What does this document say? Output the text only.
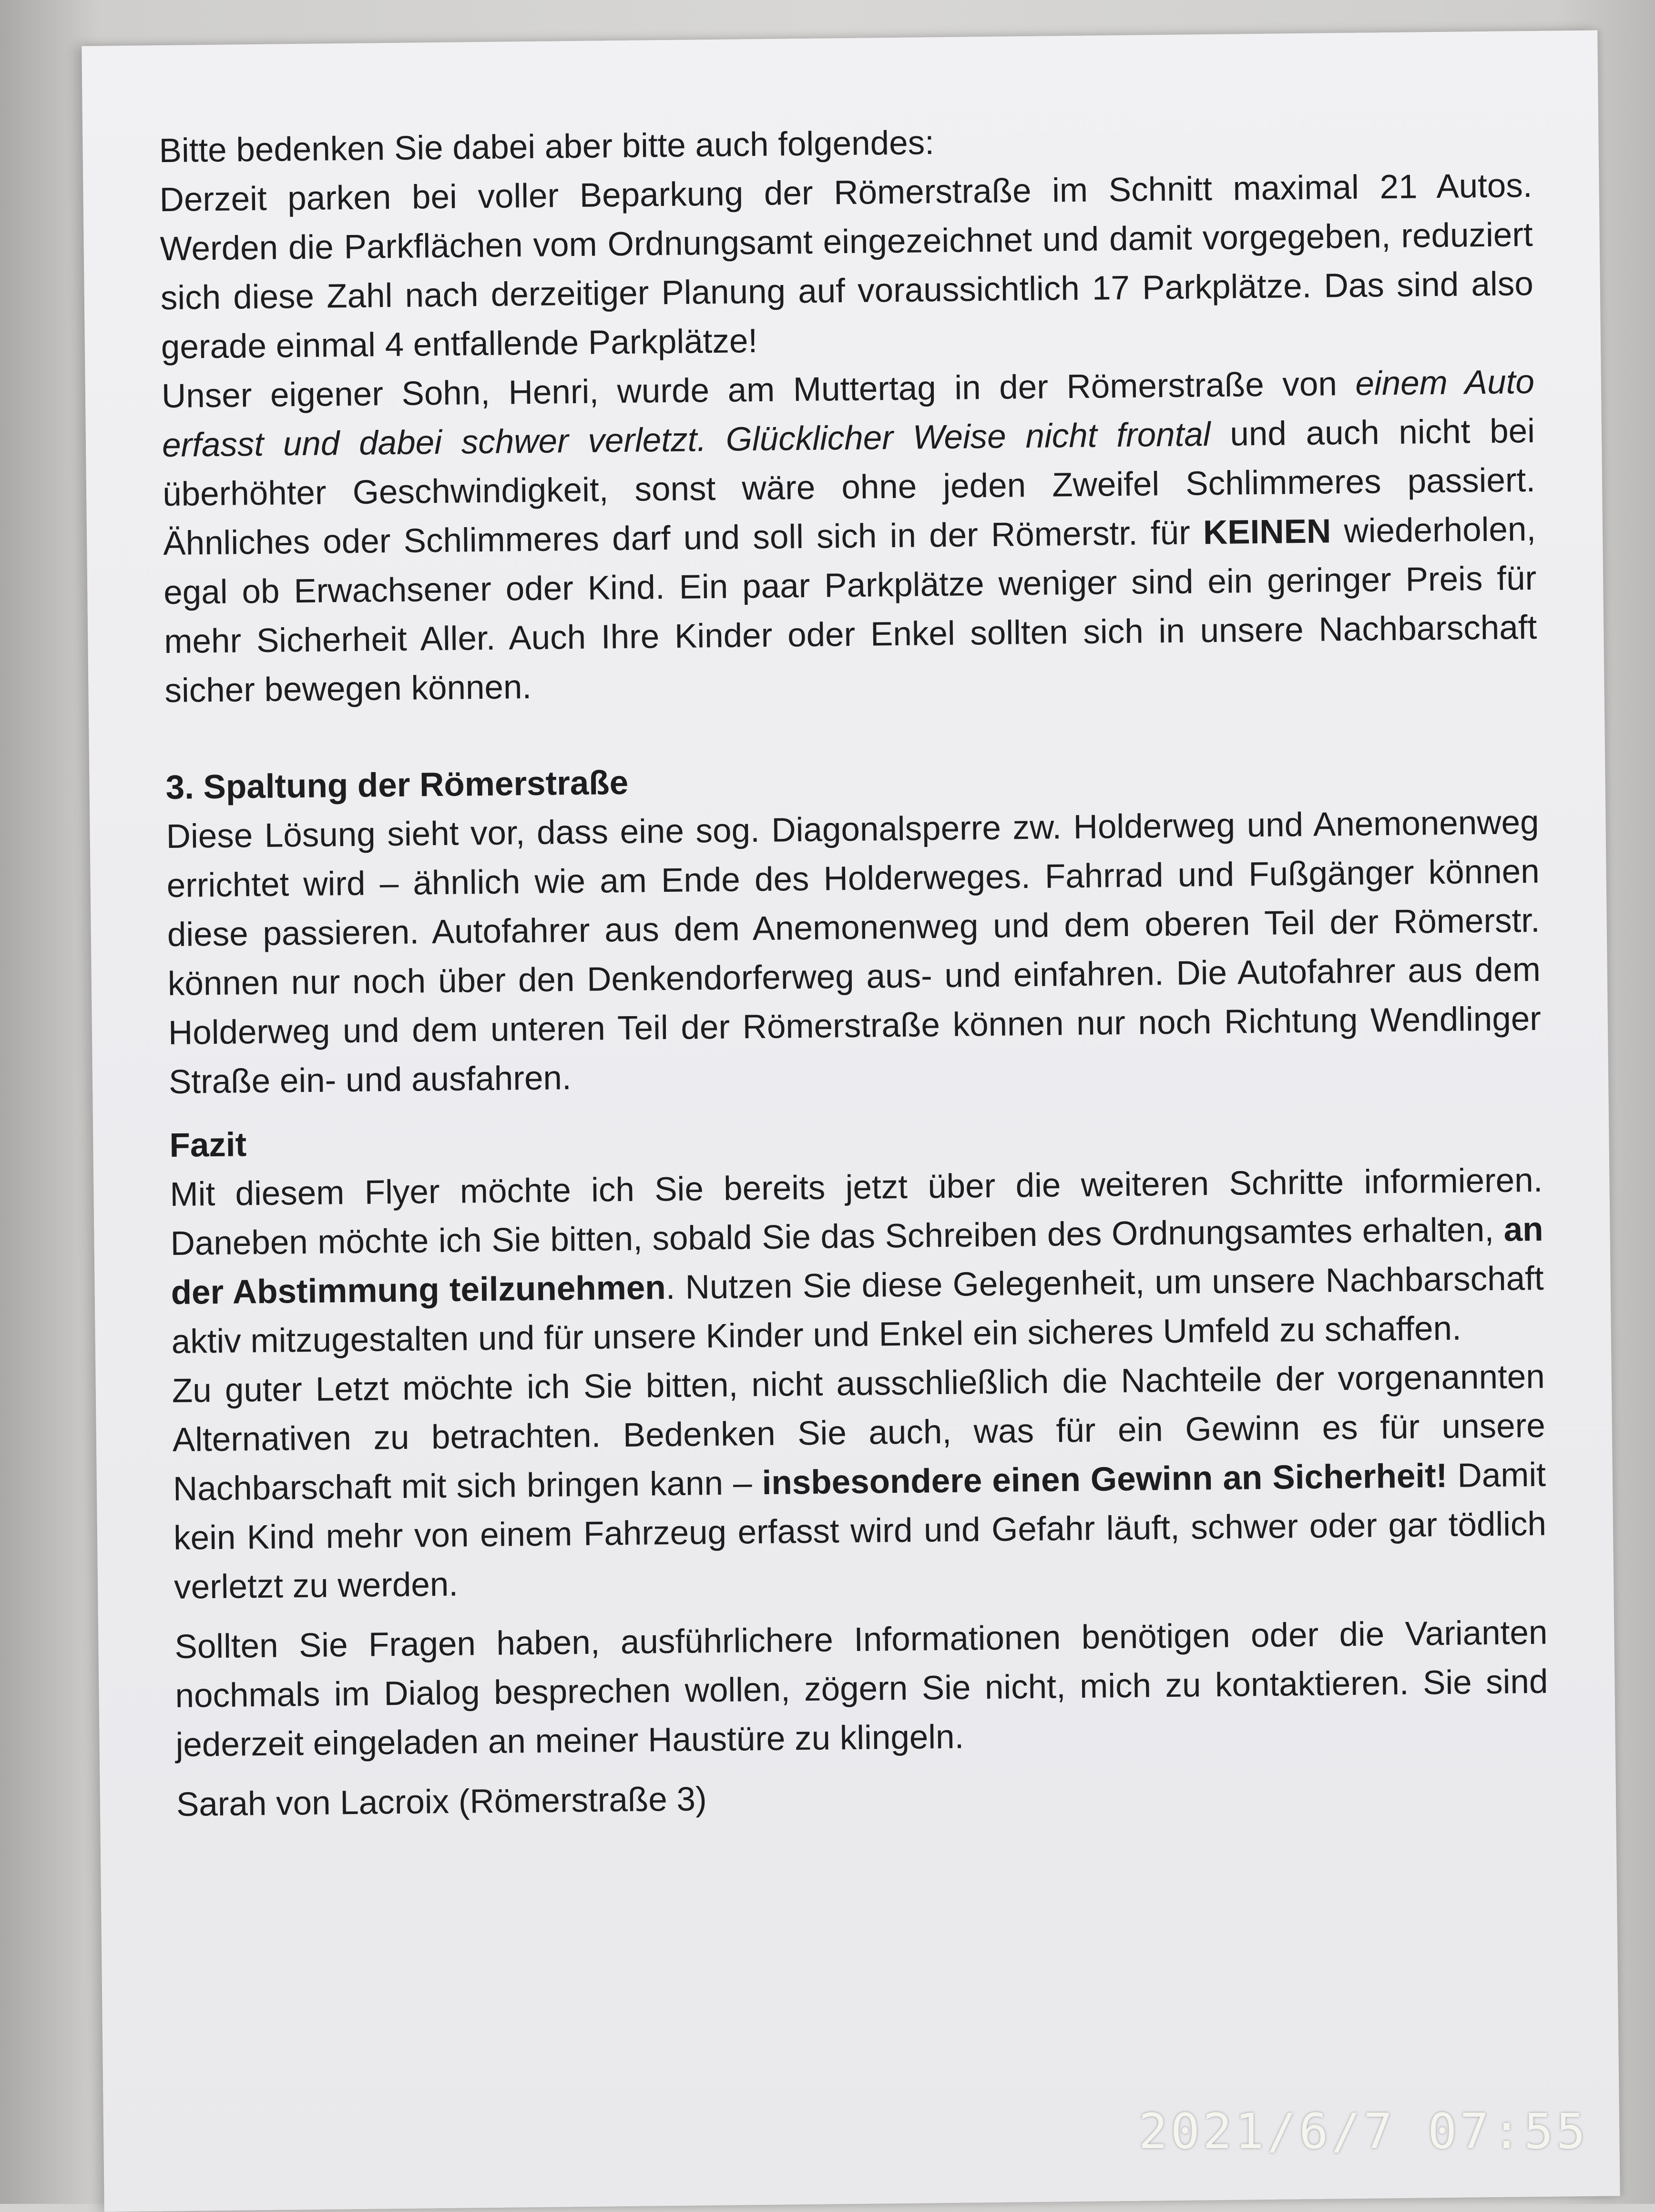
Bitte bedenken Sie dabei aber bitte auch folgendes:
Derzeit parken bei voller Beparkung der Römerstraße im Schnitt maximal 21 Autos. Werden die Parkflächen vom Ordnungsamt eingezeichnet und damit vorgegeben, reduziert sich diese Zahl nach derzeitiger Planung auf voraussichtlich 17 Parkplätze. Das sind also gerade einmal 4 entfallende Parkplätze!

Unser eigener Sohn, Henri, wurde am Muttertag in der Römerstraße von einem Auto erfasst und dabei schwer verletzt. Glücklicher Weise nicht frontal und auch nicht bei überhöhter Geschwindigkeit, sonst wäre ohne jeden Zweifel Schlimmeres passiert. Ähnliches oder Schlimmeres darf und soll sich in der Römerstr. für KEINEN wiederholen, egal ob Erwachsener oder Kind. Ein paar Parkplätze weniger sind ein geringer Preis für mehr Sicherheit Aller. Auch Ihre Kinder oder Enkel sollten sich in unsere Nachbarschaft sicher bewegen können.

3. Spaltung der Römerstraße

Diese Lösung sieht vor, dass eine sog. Diagonalsperre zw. Holderweg und Anemonenweg errichtet wird – ähnlich wie am Ende des Holderweges. Fahrrad und Fußgänger können diese passieren. Autofahrer aus dem Anemonenweg und dem oberen Teil der Römerstr. können nur noch über den Denkendorferweg aus- und einfahren. Die Autofahrer aus dem Holderweg und dem unteren Teil der Römerstraße können nur noch Richtung Wendlinger Straße ein- und ausfahren.

Fazit

Mit diesem Flyer möchte ich Sie bereits jetzt über die weiteren Schritte informieren. Daneben möchte ich Sie bitten, sobald Sie das Schreiben des Ordnungsamtes erhalten, an der Abstimmung teilzunehmen. Nutzen Sie diese Gelegenheit, um unsere Nachbarschaft aktiv mitzugestalten und für unsere Kinder und Enkel ein sicheres Umfeld zu schaffen.

Zu guter Letzt möchte ich Sie bitten, nicht ausschließlich die Nachteile der vorgenannten Alternativen zu betrachten. Bedenken Sie auch, was für ein Gewinn es für unsere Nachbarschaft mit sich bringen kann – insbesondere einen Gewinn an Sicherheit! Damit kein Kind mehr von einem Fahrzeug erfasst wird und Gefahr läuft, schwer oder gar tödlich verletzt zu werden.

Sollten Sie Fragen haben, ausführlichere Informationen benötigen oder die Varianten nochmals im Dialog besprechen wollen, zögern Sie nicht, mich zu kontaktieren. Sie sind jederzeit eingeladen an meiner Haustüre zu klingeln.

Sarah von Lacroix (Römerstraße 3)

2021/6/7 07:55
